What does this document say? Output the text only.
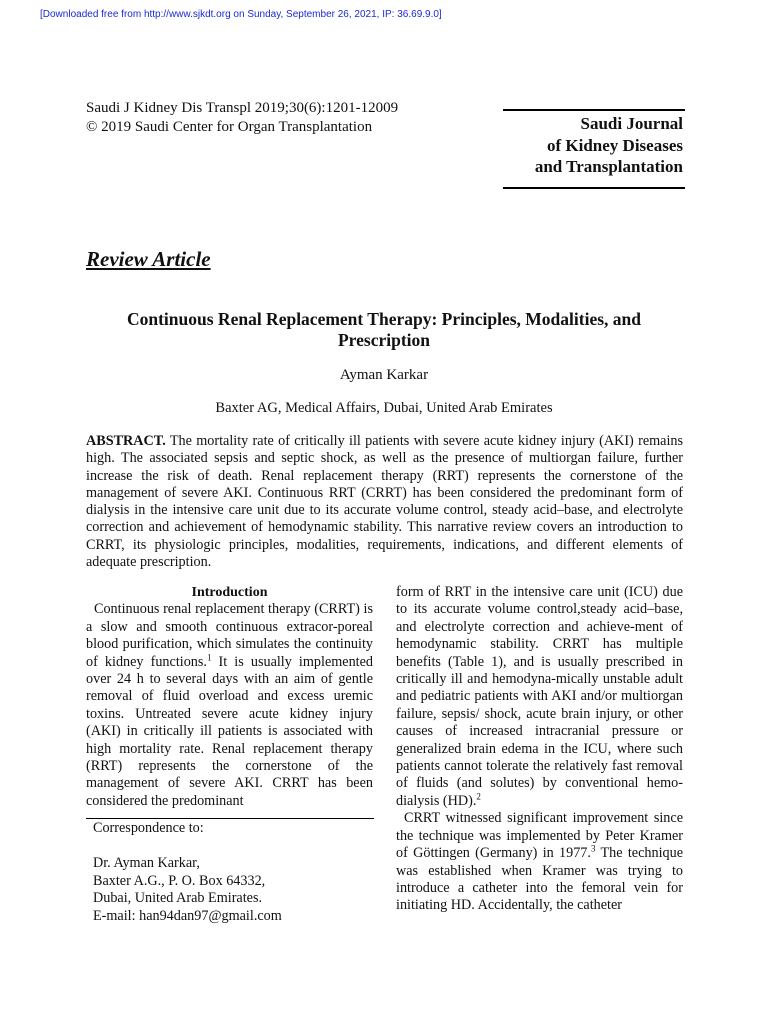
[Downloaded free from http://www.sjkdt.org on Sunday, September 26, 2021, IP: 36.69.9.0]
Saudi J Kidney Dis Transpl 2019;30(6):1201-12009
© 2019 Saudi Center for Organ Transplantation	Saudi Journal
of Kidney Diseases
and Transplantation
Review Article
Continuous Renal Replacement Therapy: Principles, Modalities, and Prescription
Ayman Karkar
Baxter AG, Medical Affairs, Dubai, United Arab Emirates
ABSTRACT. The mortality rate of critically ill patients with severe acute kidney injury (AKI) remains high. The associated sepsis and septic shock, as well as the presence of multiorgan failure, further increase the risk of death. Renal replacement therapy (RRT) represents the cornerstone of the management of severe AKI. Continuous RRT (CRRT) has been considered the predominant form of dialysis in the intensive care unit due to its accurate volume control, steady acid–base, and electrolyte correction and achievement of hemodynamic stability. This narrative review covers an introduction to CRRT, its physiologic principles, modalities, requirements, indications, and different elements of adequate prescription.

Introduction

Continuous renal replacement therapy (CRRT) is a slow and smooth continuous extracor-poreal blood purification, which simulates the continuity of kidney functions.$^1$ It is usually implemented over 24 h to several days with an aim of gentle removal of fluid overload and excess uremic toxins. Untreated severe acute kidney injury (AKI) in critically ill patients is associated with high mortality rate. Renal replacement therapy (RRT) represents the cornerstone of the management of severe AKI. CRRT has been considered the predominant

form of RRT in the intensive care unit (ICU) due to its accurate volume control,steady acid–base, and electrolyte correction and achieve-ment of hemodynamic stability. CRRT has multiple benefits (Table 1), and is usually prescribed in critically ill and hemodyna-mically unstable adult and pediatric patients with AKI and/or multiorgan failure, sepsis/ shock, acute brain injury, or other causes of increased intracranial pressure or generalized brain edema in the ICU, where such patients cannot tolerate the relatively fast removal of fluids (and solutes) by conventional hemo-dialysis (HD).$^2$

CRRT witnessed significant improvement since the technique was implemented by Peter Kramer of Göttingen (Germany) in 1977.$^3$ The technique was established when Kramer was trying to introduce a catheter into the femoral vein for initiating HD. Accidentally, the catheter

Correspondence to:
Dr. Ayman Karkar,
Baxter A.G., P. O. Box 64332,
Dubai, United Arab Emirates.
E-mail: han94dan97@gmail.com
